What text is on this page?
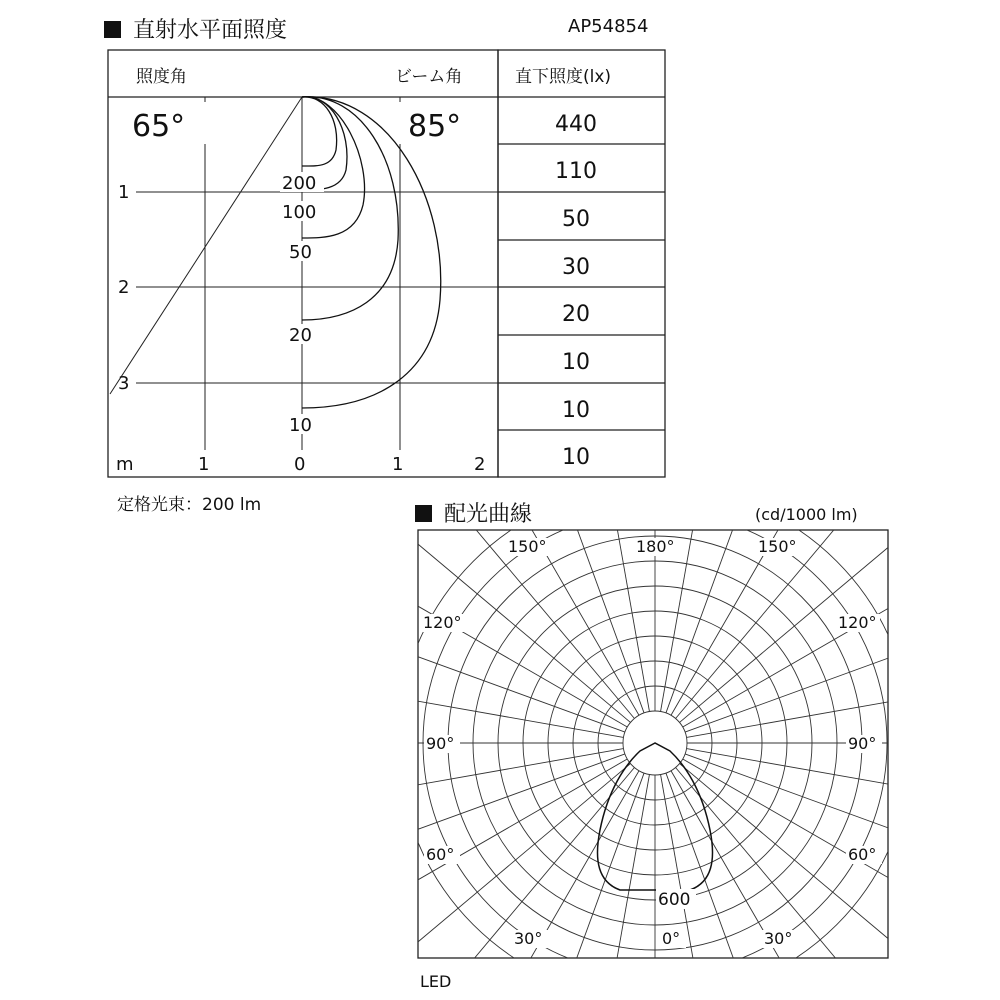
直射水平面照度	AP54854
照度角	ビーム角	直下照度(lx)
65°	85°
1
2
3
m	1	0	1	2
200
100
50
20
10
440
110
50
30
20
10
10
10
定格光束：200 lm	配光曲線	(cd/1000 lm)
150°	180°	150°
120°	120°
90°	90°
60°	60°
30°	0°	30°
600
LED
